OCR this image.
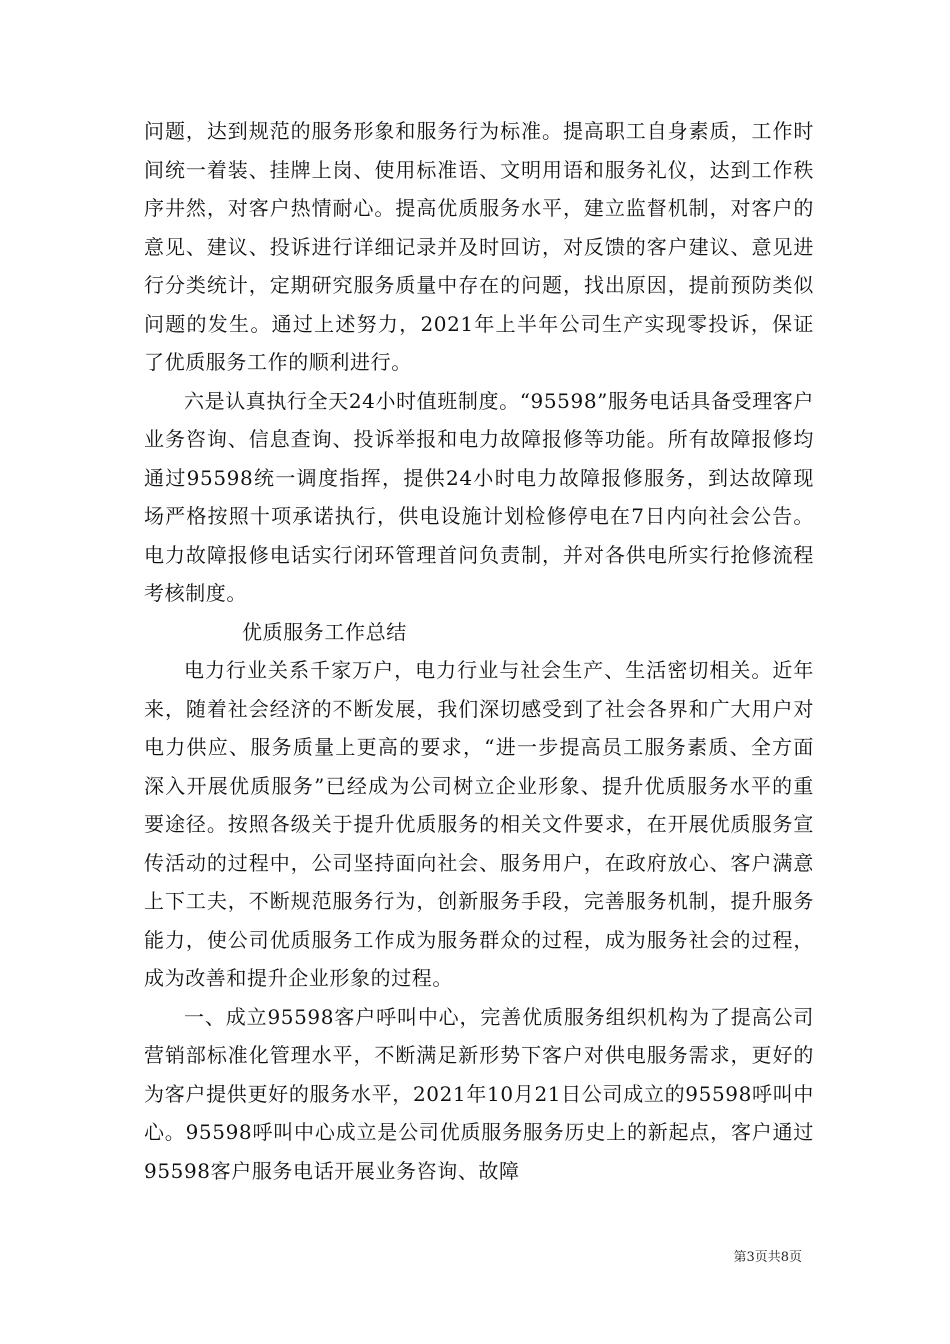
问题，达到规范的服务形象和服务行为标准。提高职工自身素质，工作时间统一着装、挂牌上岗、使用标准语、文明用语和服务礼仪，达到工作秩序井然，对客户热情耐心。提高优质服务水平，建立监督机制，对客户的意见、建议、投诉进行详细记录并及时回访，对反馈的客户建议、意见进行分类统计，定期研究服务质量中存在的问题，找出原因，提前预防类似问题的发生。通过上述努力，2021年上半年公司生产实现零投诉，保证了优质服务工作的顺利进行。

六是认真执行全天24小时值班制度。“95598”服务电话具备受理客户业务咨询、信息查询、投诉举报和电力故障报修等功能。所有故障报修均通过95598统一调度指挥，提供24小时电力故障报修服务，到达故障现场严格按照十项承诺执行，供电设施计划检修停电在7日内向社会公告。电力故障报修电话实行闭环管理首问负责制，并对各供电所实行抢修流程考核制度。

优质服务工作总结

电力行业关系千家万户，电力行业与社会生产、生活密切相关。近年来，随着社会经济的不断发展，我们深切感受到了社会各界和广大用户对电力供应、服务质量上更高的要求，“进一步提高员工服务素质、全方面深入开展优质服务”已经成为公司树立企业形象、提升优质服务水平的重要途径。按照各级关于提升优质服务的相关文件要求，在开展优质服务宣传活动的过程中，公司坚持面向社会、服务用户，在政府放心、客户满意上下工夫，不断规范服务行为，创新服务手段，完善服务机制，提升服务能力，使公司优质服务工作成为服务群众的过程，成为服务社会的过程，成为改善和提升企业形象的过程。

一、成立95598客户呼叫中心，完善优质服务组织机构为了提高公司营销部标准化管理水平，不断满足新形势下客户对供电服务需求，更好的为客户提供更好的服务水平，2021年10月21日公司成立的95598呼叫中心。95598呼叫中心成立是公司优质服务服务历史上的新起点，客户通过95598客户服务电话开展业务咨询、故障

第3页共8页
